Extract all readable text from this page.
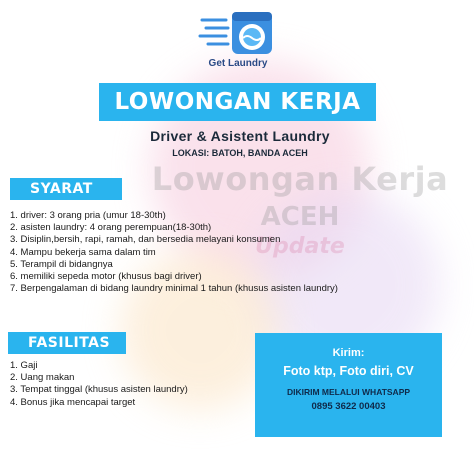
Lowongan Kerja
ACEH
Update
Get Laundry
LOWONGAN KERJA
Driver & Asistent Laundry
LOKASI: BATOH, BANDA ACEH
SYARAT
1. driver: 3 orang pria (umur 18-30th)
2. asisten laundry: 4 orang perempuan(18-30th)
3. Disiplin,bersih, rapi, ramah, dan bersedia melayani konsumen
4. Mampu bekerja sama dalam tim
5. Terampil di bidangnya
6. memiliki sepeda motor (khusus bagi driver)
7. Berpengalaman di bidang laundry minimal 1 tahun (khusus asisten laundry)
FASILITAS
1. Gaji
2. Uang makan
3. Tempat tinggal (khusus asisten laundry)
4. Bonus jika mencapai target
Kirim:
Foto ktp, Foto diri, CV
DIKIRIM MELALUI WHATSAPP
0895 3622 00403
